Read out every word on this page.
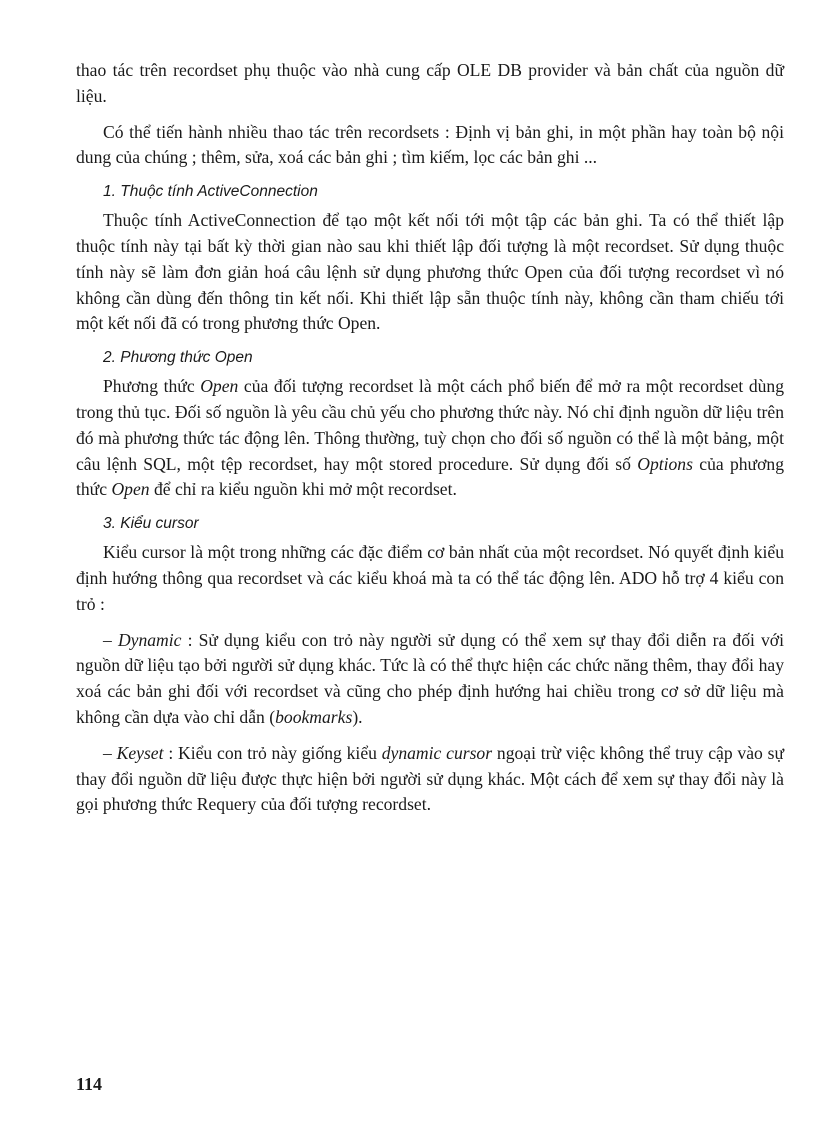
thao tác trên recordset phụ thuộc vào nhà cung cấp OLE DB provider và bản chất của nguồn dữ liệu.

Có thể tiến hành nhiều thao tác trên recordsets : Định vị bản ghi, in một phần hay toàn bộ nội dung của chúng ; thêm, sửa, xoá các bản ghi ; tìm kiếm, lọc các bản ghi ...

1. Thuộc tính ActiveConnection

Thuộc tính ActiveConnection để tạo một kết nối tới một tập các bản ghi. Ta có thể thiết lập thuộc tính này tại bất kỳ thời gian nào sau khi thiết lập đối tượng là một recordset. Sử dụng thuộc tính này sẽ làm đơn giản hoá câu lệnh sử dụng phương thức Open của đối tượng recordset vì nó không cần dùng đến thông tin kết nối. Khi thiết lập sẵn thuộc tính này, không cần tham chiếu tới một kết nối đã có trong phương thức Open.

2. Phương thức Open

Phương thức Open của đối tượng recordset là một cách phổ biến để mở ra một recordset dùng trong thủ tục. Đối số nguồn là yêu cầu chủ yếu cho phương thức này. Nó chỉ định nguồn dữ liệu trên đó mà phương thức tác động lên. Thông thường, tuỳ chọn cho đối số nguồn có thể là một bảng, một câu lệnh SQL, một tệp recordset, hay một stored procedure. Sử dụng đối số Options của phương thức Open để chỉ ra kiểu nguồn khi mở một recordset.

3. Kiểu cursor

Kiểu cursor là một trong những các đặc điểm cơ bản nhất của một recordset. Nó quyết định kiểu định hướng thông qua recordset và các kiểu khoá mà ta có thể tác động lên. ADO hỗ trợ 4 kiểu con trỏ :

– Dynamic : Sử dụng kiểu con trỏ này người sử dụng có thể xem sự thay đổi diễn ra đối với nguồn dữ liệu tạo bởi người sử dụng khác. Tức là có thể thực hiện các chức năng thêm, thay đổi hay xoá các bản ghi đối với recordset và cũng cho phép định hướng hai chiều trong cơ sở dữ liệu mà không cần dựa vào chỉ dẫn (bookmarks).

– Keyset : Kiểu con trỏ này giống kiểu dynamic cursor ngoại trừ việc không thể truy cập vào sự thay đổi nguồn dữ liệu được thực hiện bởi người sử dụng khác. Một cách để xem sự thay đổi này là gọi phương thức Requery của đối tượng recordset.

114
